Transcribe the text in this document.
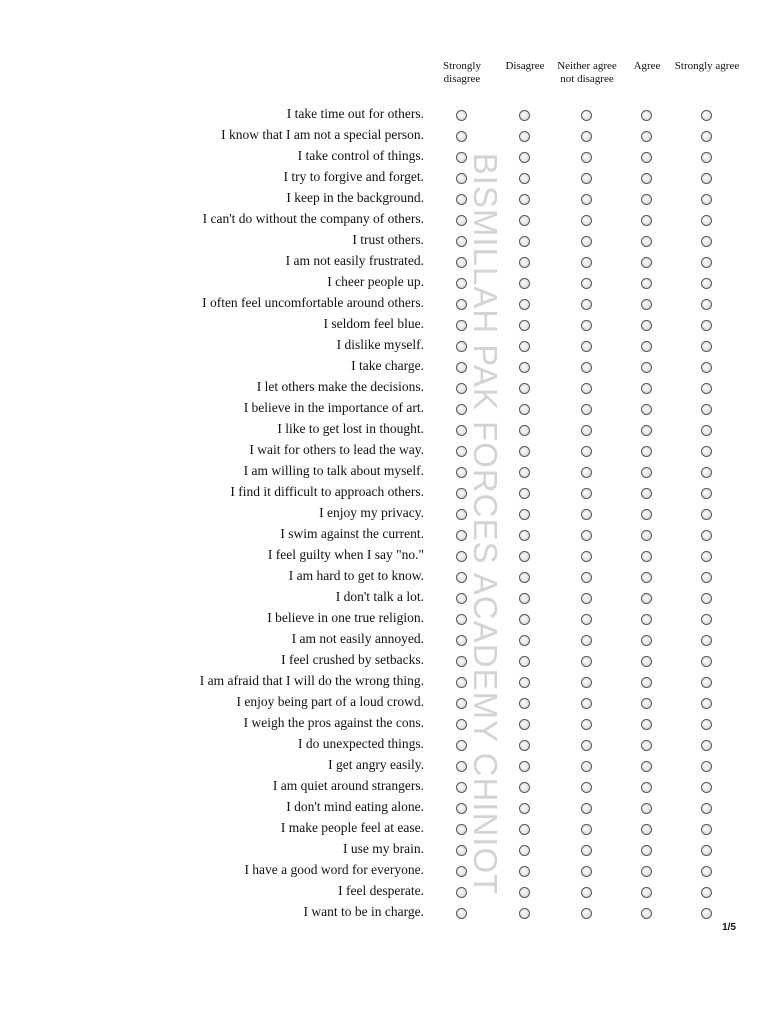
Strongly disagree
Disagree	Neither agree not disagree
Agree	Strongly agree
I take time out for others.
I know that I am not a special person.
I take control of things.
I try to forgive and forget.
I keep in the background.
I can't do without the company of others.
I trust others.
I am not easily frustrated.
I cheer people up.
I often feel uncomfortable around others.
I seldom feel blue.
I dislike myself.
I take charge.
I let others make the decisions.
I believe in the importance of art.
I like to get lost in thought.
I wait for others to lead the way.
I am willing to talk about myself.
I find it difficult to approach others.
I enjoy my privacy.
I swim against the current.
I feel guilty when I say "no."
I am hard to get to know.
I don't talk a lot.
I believe in one true religion.
I am not easily annoyed.
I feel crushed by setbacks.
I am afraid that I will do the wrong thing.
I enjoy being part of a loud crowd.
I weigh the pros against the cons.
I do unexpected things.
I get angry easily.
I am quiet around strangers.
I don't mind eating alone.
I make people feel at ease.
I use my brain.
I have a good word for everyone.
I feel desperate.
I want to be in charge.
BISMILLAH PAK FORCES ACADEMY CHINIOT
1/5
